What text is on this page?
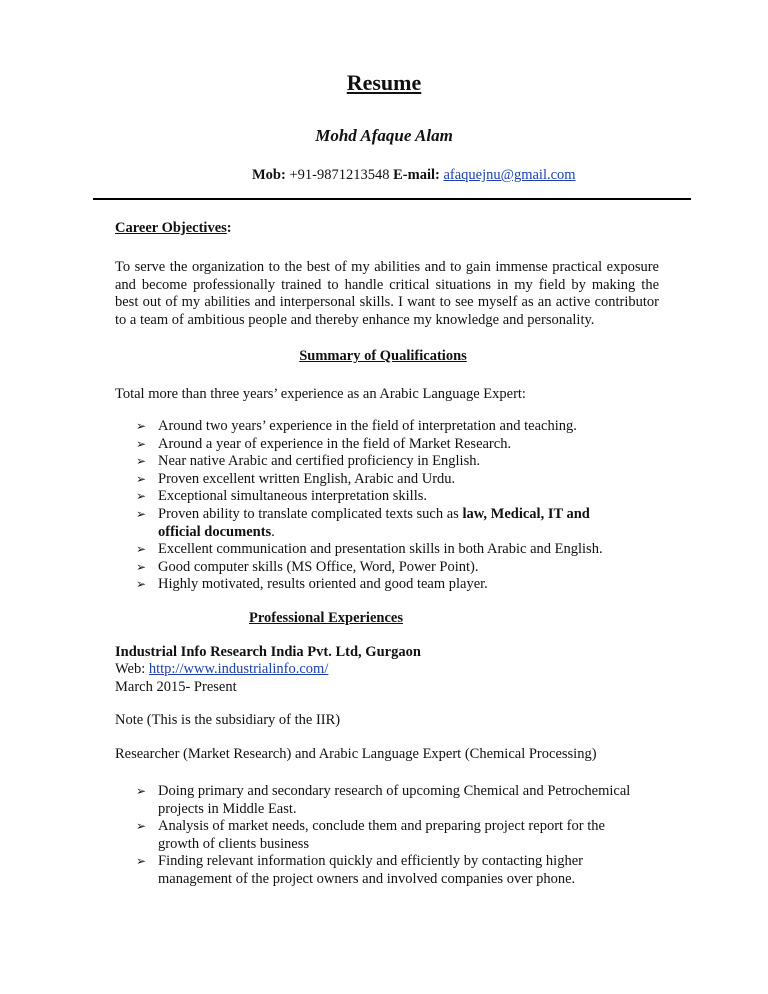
Resume
Mohd Afaque Alam
Mob: +91-9871213548 E-mail: afaquejnu@gmail.com
Career Objectives:
To serve the organization to the best of my abilities and to gain immense practical exposure
and become professionally trained to handle critical situations in my field by making the
best out of my abilities and interpersonal skills. I want to see myself as an active contributor
to a team of ambitious people and thereby enhance my knowledge and personality.
Summary of Qualifications
Total more than three years’ experience as an Arabic Language Expert:
➢ Around two years’ experience in the field of interpretation and teaching.
➢ Around a year of experience in the field of Market Research.
➢ Near native Arabic and certified proficiency in English.
➢ Proven excellent written English, Arabic and Urdu.
➢ Exceptional simultaneous interpretation skills.
➢ Proven ability to translate complicated texts such as law, Medical, IT and
official documents.
➢ Excellent communication and presentation skills in both Arabic and English.
➢ Good computer skills (MS Office, Word, Power Point).
➢ Highly motivated, results oriented and good team player.
Professional Experiences
Industrial Info Research India Pvt. Ltd, Gurgaon
Web: http://www.industrialinfo.com/
March 2015- Present
Note (This is the subsidiary of the IIR)
Researcher (Market Research) and Arabic Language Expert (Chemical Processing)
➢ Doing primary and secondary research of upcoming Chemical and Petrochemical
projects in Middle East.
➢ Analysis of market needs, conclude them and preparing project report for the
growth of clients business
➢ Finding relevant information quickly and efficiently by contacting higher
management of the project owners and involved companies over phone.
